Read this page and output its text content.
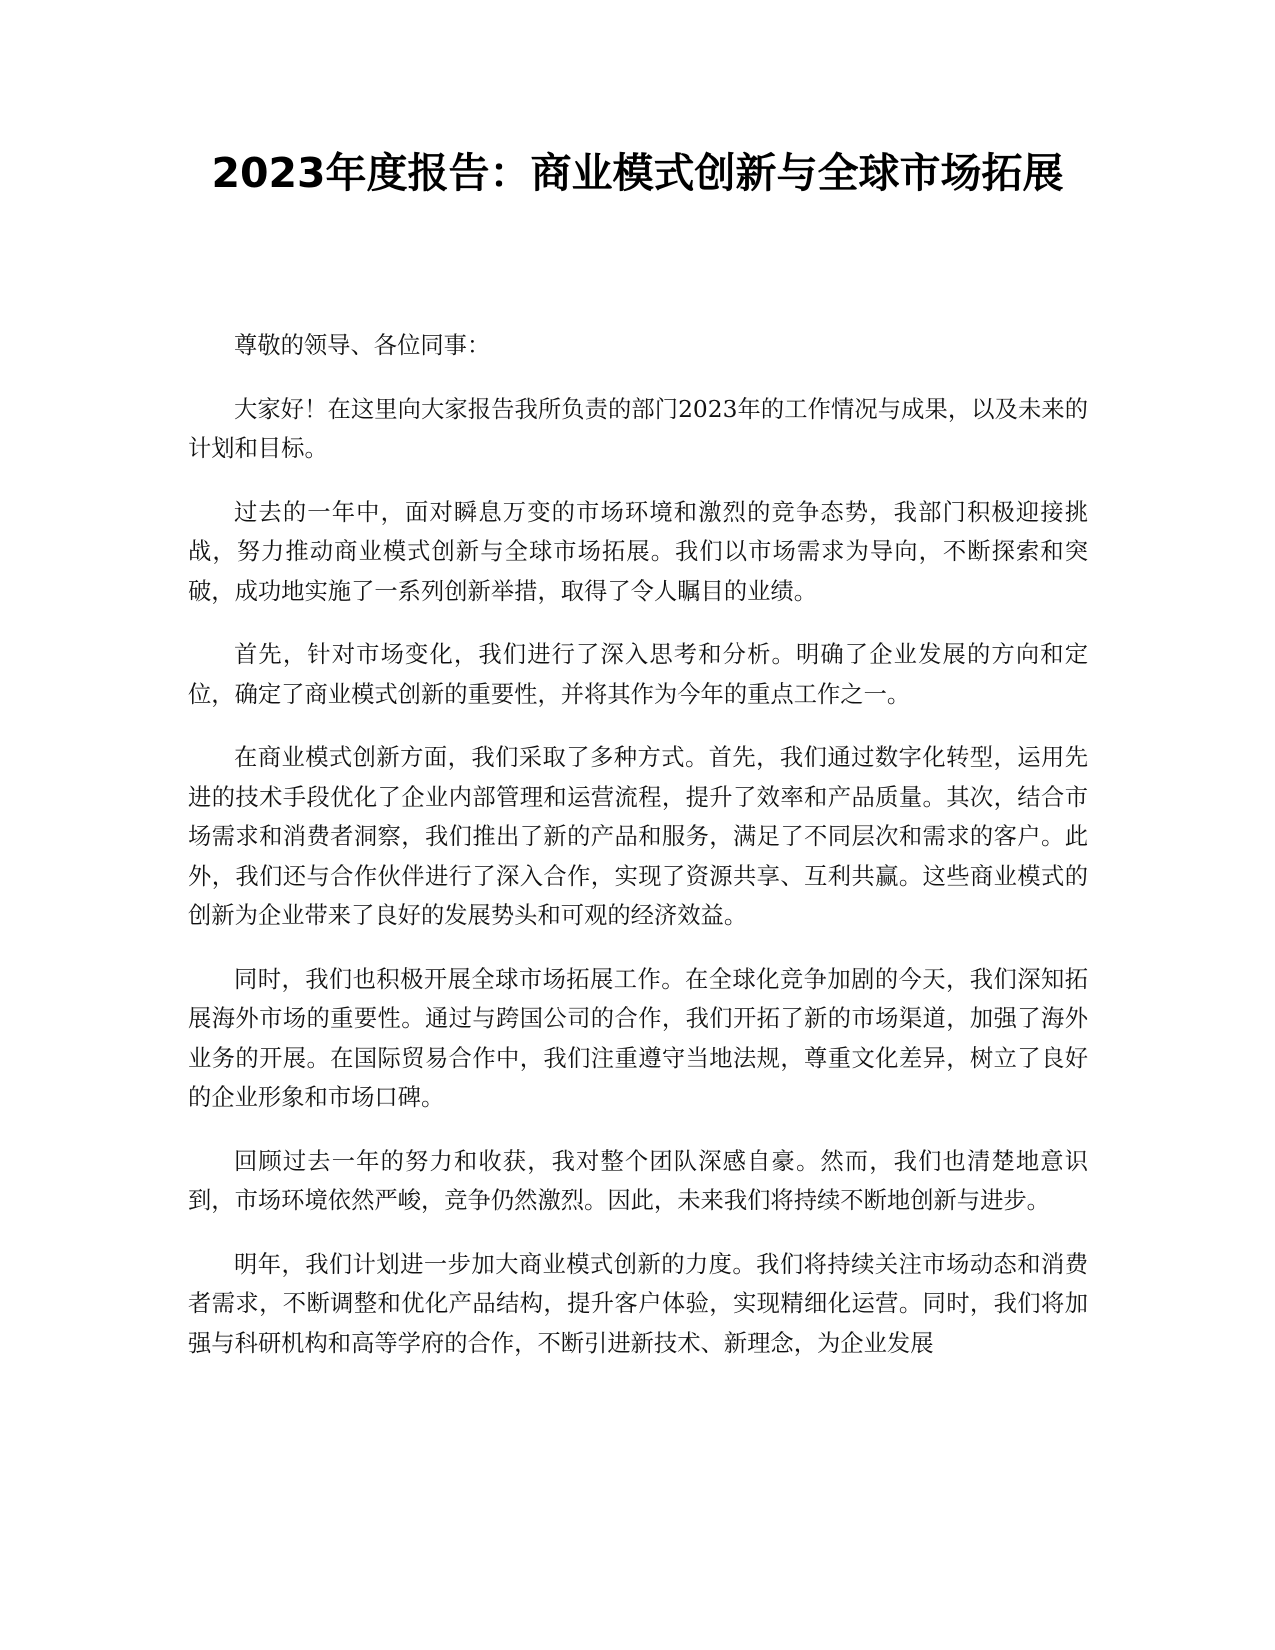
2023年度报告：商业模式创新与全球市场拓展

尊敬的领导、各位同事：

大家好！在这里向大家报告我所负责的部门2023年的工作情况与成果，以及未来的计划和目标。

过去的一年中，面对瞬息万变的市场环境和激烈的竞争态势，我部门积极迎接挑战，努力推动商业模式创新与全球市场拓展。我们以市场需求为导向，不断探索和突破，成功地实施了一系列创新举措，取得了令人瞩目的业绩。

首先，针对市场变化，我们进行了深入思考和分析。明确了企业发展的方向和定位，确定了商业模式创新的重要性，并将其作为今年的重点工作之一。

在商业模式创新方面，我们采取了多种方式。首先，我们通过数字化转型，运用先进的技术手段优化了企业内部管理和运营流程，提升了效率和产品质量。其次，结合市场需求和消费者洞察，我们推出了新的产品和服务，满足了不同层次和需求的客户。此外，我们还与合作伙伴进行了深入合作，实现了资源共享、互利共赢。这些商业模式的创新为企业带来了良好的发展势头和可观的经济效益。

同时，我们也积极开展全球市场拓展工作。在全球化竞争加剧的今天，我们深知拓展海外市场的重要性。通过与跨国公司的合作，我们开拓了新的市场渠道，加强了海外业务的开展。在国际贸易合作中，我们注重遵守当地法规，尊重文化差异，树立了良好的企业形象和市场口碑。

回顾过去一年的努力和收获，我对整个团队深感自豪。然而，我们也清楚地意识到，市场环境依然严峻，竞争仍然激烈。因此，未来我们将持续不断地创新与进步。

明年，我们计划进一步加大商业模式创新的力度。我们将持续关注市场动态和消费者需求，不断调整和优化产品结构，提升客户体验，实现精细化运营。同时，我们将加强与科研机构和高等学府的合作，不断引进新技术、新理念，为企业发展
